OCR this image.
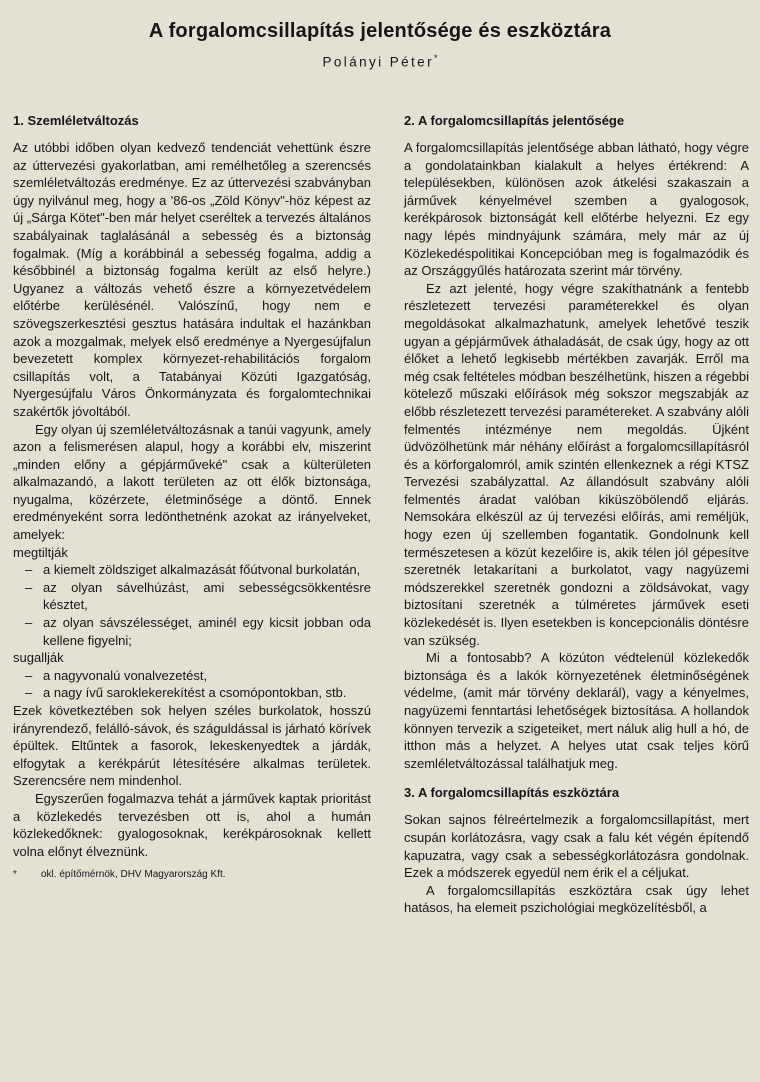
A forgalomcsillapítás jelentősége és eszköztára
Polányi Péter*
1. Szemléletváltozás

Az utóbbi időben olyan kedvező tendenciát vehettünk észre az úttervezési gyakorlatban, ami remélhetőleg a szerencsés szemléletváltozás eredménye. Ez az úttervezési szabványban úgy nyilvánul meg, hogy a '86-os „Zöld Könyv"-höz képest az új „Sárga Kötet"-ben már helyet cseréltek a tervezés általános szabályainak taglalásánál a sebesség és a biztonság fogalmak. (Míg a korábbinál a sebesség fogalma, addig a későbbinél a biztonság fogalma került az első helyre.) Ugyanez a változás vehető észre a környezetvédelem előtérbe kerülésénél. Valószínű, hogy nem e szövegszerkesztési gesztus hatására indultak el hazánkban azok a mozgalmak, melyek első eredménye a Nyergesújfalun bevezetett komplex környezet-rehabilitációs forgalom csillapítás volt, a Tatabányai Közúti Igazgatóság, Nyergesújfalu Város Önkormányzata és forgalomtechnikai szakértők jóvoltából.

Egy olyan új szemléletváltozásnak a tanúi vagyunk, amely azon a felismerésen alapul, hogy a korábbi elv, miszerint „minden előny a gépjárműveké" csak a külterületen alkalmazandó, a lakott területen az ott élők biztonsága, nyugalma, közérzete, életminősége a döntő. Ennek eredményeként sorra ledönthetnénk azokat az irányelveket, amelyek:

megtiltják

– a kiemelt zöldsziget alkalmazását főútvonal burkolatán,
– az olyan sávelhúzást, ami sebességcsökkentésre késztet,
– az olyan sávszélességet, aminél egy kicsit jobban oda kellene figyelni;

sugallják

– a nagyvonalú vonalvezetést,
– a nagy ívű saroklekerekítést a csomópontokban, stb.

Ezek következtében sok helyen széles burkolatok, hosszú irányrendező, felálló-sávok, és száguldással is járható körívek épültek. Eltűntek a fasorok, lekeskenyedtek a járdák, elfogytak a kerékpárút létesítésére alkalmas területek. Szerencsére nem mindenhol.

Egyszerűen fogalmazva tehát a járművek kaptak prioritást a közlekedés tervezésben ott is, ahol a humán közlekedőknek: gyalogosoknak, kerékpárosoknak kellett volna előnyt élveznünk.

* okl. építőmérnök, DHV Magyarország Kft.
2. A forgalomcsillapítás jelentősége

A forgalomcsillapítás jelentősége abban látható, hogy végre a gondolatainkban kialakult a helyes értékrend: A településekben, különösen azok átkelési szakaszain a járművek kényelmével szemben a gyalogosok, kerékpárosok biztonságát kell előtérbe helyezni. Ez egy nagy lépés mindnyájunk számára, mely már az új Közlekedéspolitikai Koncepcióban meg is fogalmazódik és az Országgyűlés határozata szerint már törvény.

Ez azt jelenté, hogy végre szakíthatnánk a fentebb részletezett tervezési paraméterekkel és olyan megoldásokat alkalmazhatunk, amelyek lehetővé teszik ugyan a gépjárművek áthaladását, de csak úgy, hogy az ott élőket a lehető legkisebb mértékben zavarják. Erről ma még csak feltételes módban beszélhetünk, hiszen a régebbi kötelező műszaki előírások még sokszor megszabják az előbb részletezett tervezési paramétereket. A szabvány alóli felmentés intézménye nem megoldás. Üjként üdvözölhetünk már néhány előírást a forgalomcsillapításról és a körforgalomról, amik szintén ellenkeznek a régi KTSZ Tervezési szabályzattal. Az állandósult szabvány alóli felmentés áradat valóban kiküszöbölendő eljárás. Nemsokára elkészül az új tervezési előírás, ami reméljük, hogy ezen új szellemben fogantatik. Gondolnunk kell természetesen a közút kezelőire is, akik télen jól gépesítve szeretnék letakarítani a burkolatot, vagy nagyüzemi módszerekkel szeretnék gondozni a zöldsávokat, vagy biztosítani szeretnék a túlméretes járművek eseti közlekedését is. Ilyen esetekben is koncepcionális döntésre van szükség.

Mi a fontosabb? A közúton védtelenül közlekedők biztonsága és a lakók környezetének életminőségének védelme, (amit már törvény deklarál), vagy a kényelmes, nagyüzemi fenntartási lehetőségek biztosítása. A hollandok könnyen tervezik a szigeteiket, mert náluk alig hull a hó, de itthon más a helyzet. A helyes utat csak teljes körű szemléletváltozással találhatjuk meg.

3. A forgalomcsillapítás eszköztára

Sokan sajnos félreértelmezik a forgalomcsillapítást, mert csupán korlátozásra, vagy csak a falu két végén építendő kapuzatra, vagy csak a sebességkorlátozásra gondolnak. Ezek a módszerek egyedül nem érik el a céljukat.

A forgalomcsillapítás eszköztára csak úgy lehet hatásos, ha elemeit pszichológiai megközelítésből, a
